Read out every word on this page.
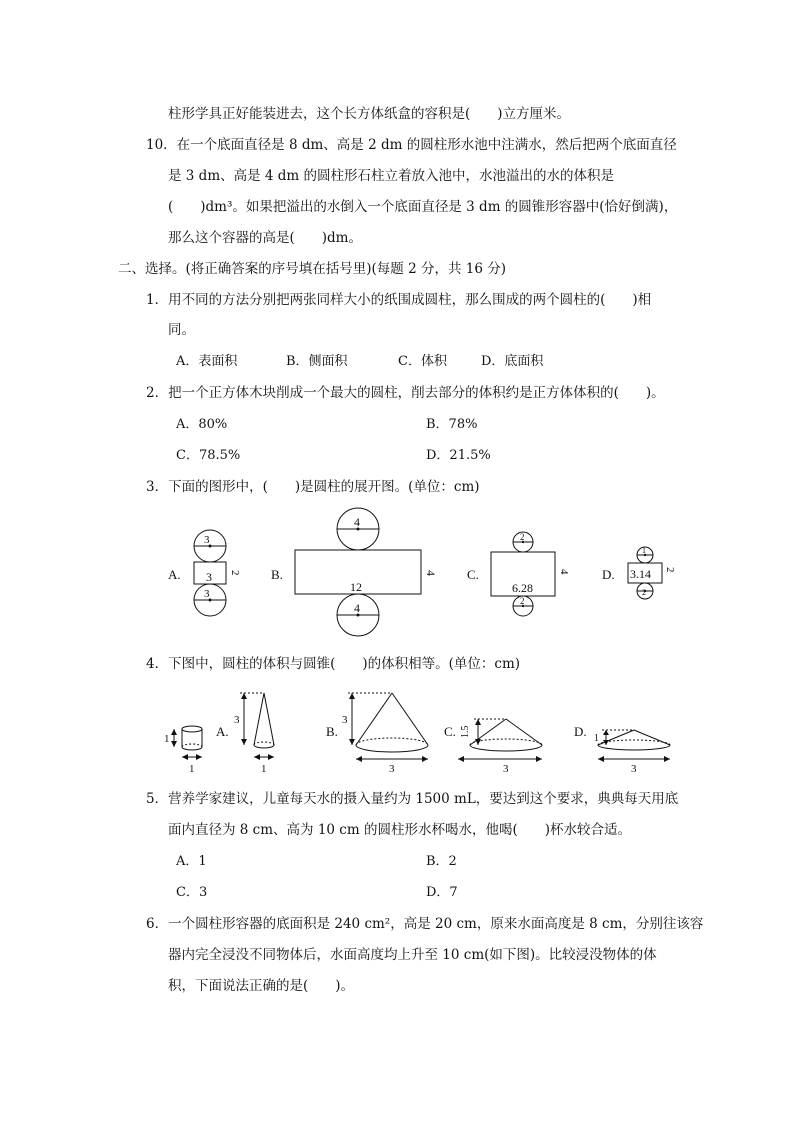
柱形学具正好能装进去，这个长方体纸盒的容积是(　　)立方厘米。
10．在一个底面直径是 8 dm、高是 2 dm 的圆柱形水池中注满水，然后把两个底面直径
是 3 dm、高是 4 dm 的圆柱形石柱立着放入池中，水池溢出的水的体积是
(　　)dm³。如果把溢出的水倒入一个底面直径是 3 dm 的圆锥形容器中(恰好倒满)，
那么这个容器的高是(　　)dm。
二、选择。(将正确答案的序号填在括号里)(每题 2 分，共 16 分)
1．用不同的方法分别把两张同样大小的纸围成圆柱，那么围成的两个圆柱的(　　)相
同。
A．表面积	B．侧面积	C．体积	D．底面积
2．把一个正方体木块削成一个最大的圆柱，削去部分的体积约是正方体体积的(　　)。
A．80%	B．78%
C．78.5%	D．21.5%
3．下面的图形中，(　　)是圆柱的展开图。(单位：cm)
A.
3
3
3
2 B.
4
12
4
4 C.
2
6.28
2
4 D.
1
3.14
2
2
4．下图中，圆柱的体积与圆锥(　　)的体积相等。(单位：cm)
1
1
A.
3
1
B.
3
3
C. 1.5
3
D. 1
3
5．营养学家建议，儿童每天水的摄入量约为 1500 mL，要达到这个要求，典典每天用底
面内直径为 8 cm、高为 10 cm 的圆柱形水杯喝水，他喝(　　)杯水较合适。
A．1	B．2
C．3	D．7
6．一个圆柱形容器的底面积是 240 cm²，高是 20 cm，原来水面高度是 8 cm，分别往该容
器内完全浸没不同物体后，水面高度均上升至 10 cm(如下图)。比较浸没物体的体
积，下面说法正确的是(　　)。
